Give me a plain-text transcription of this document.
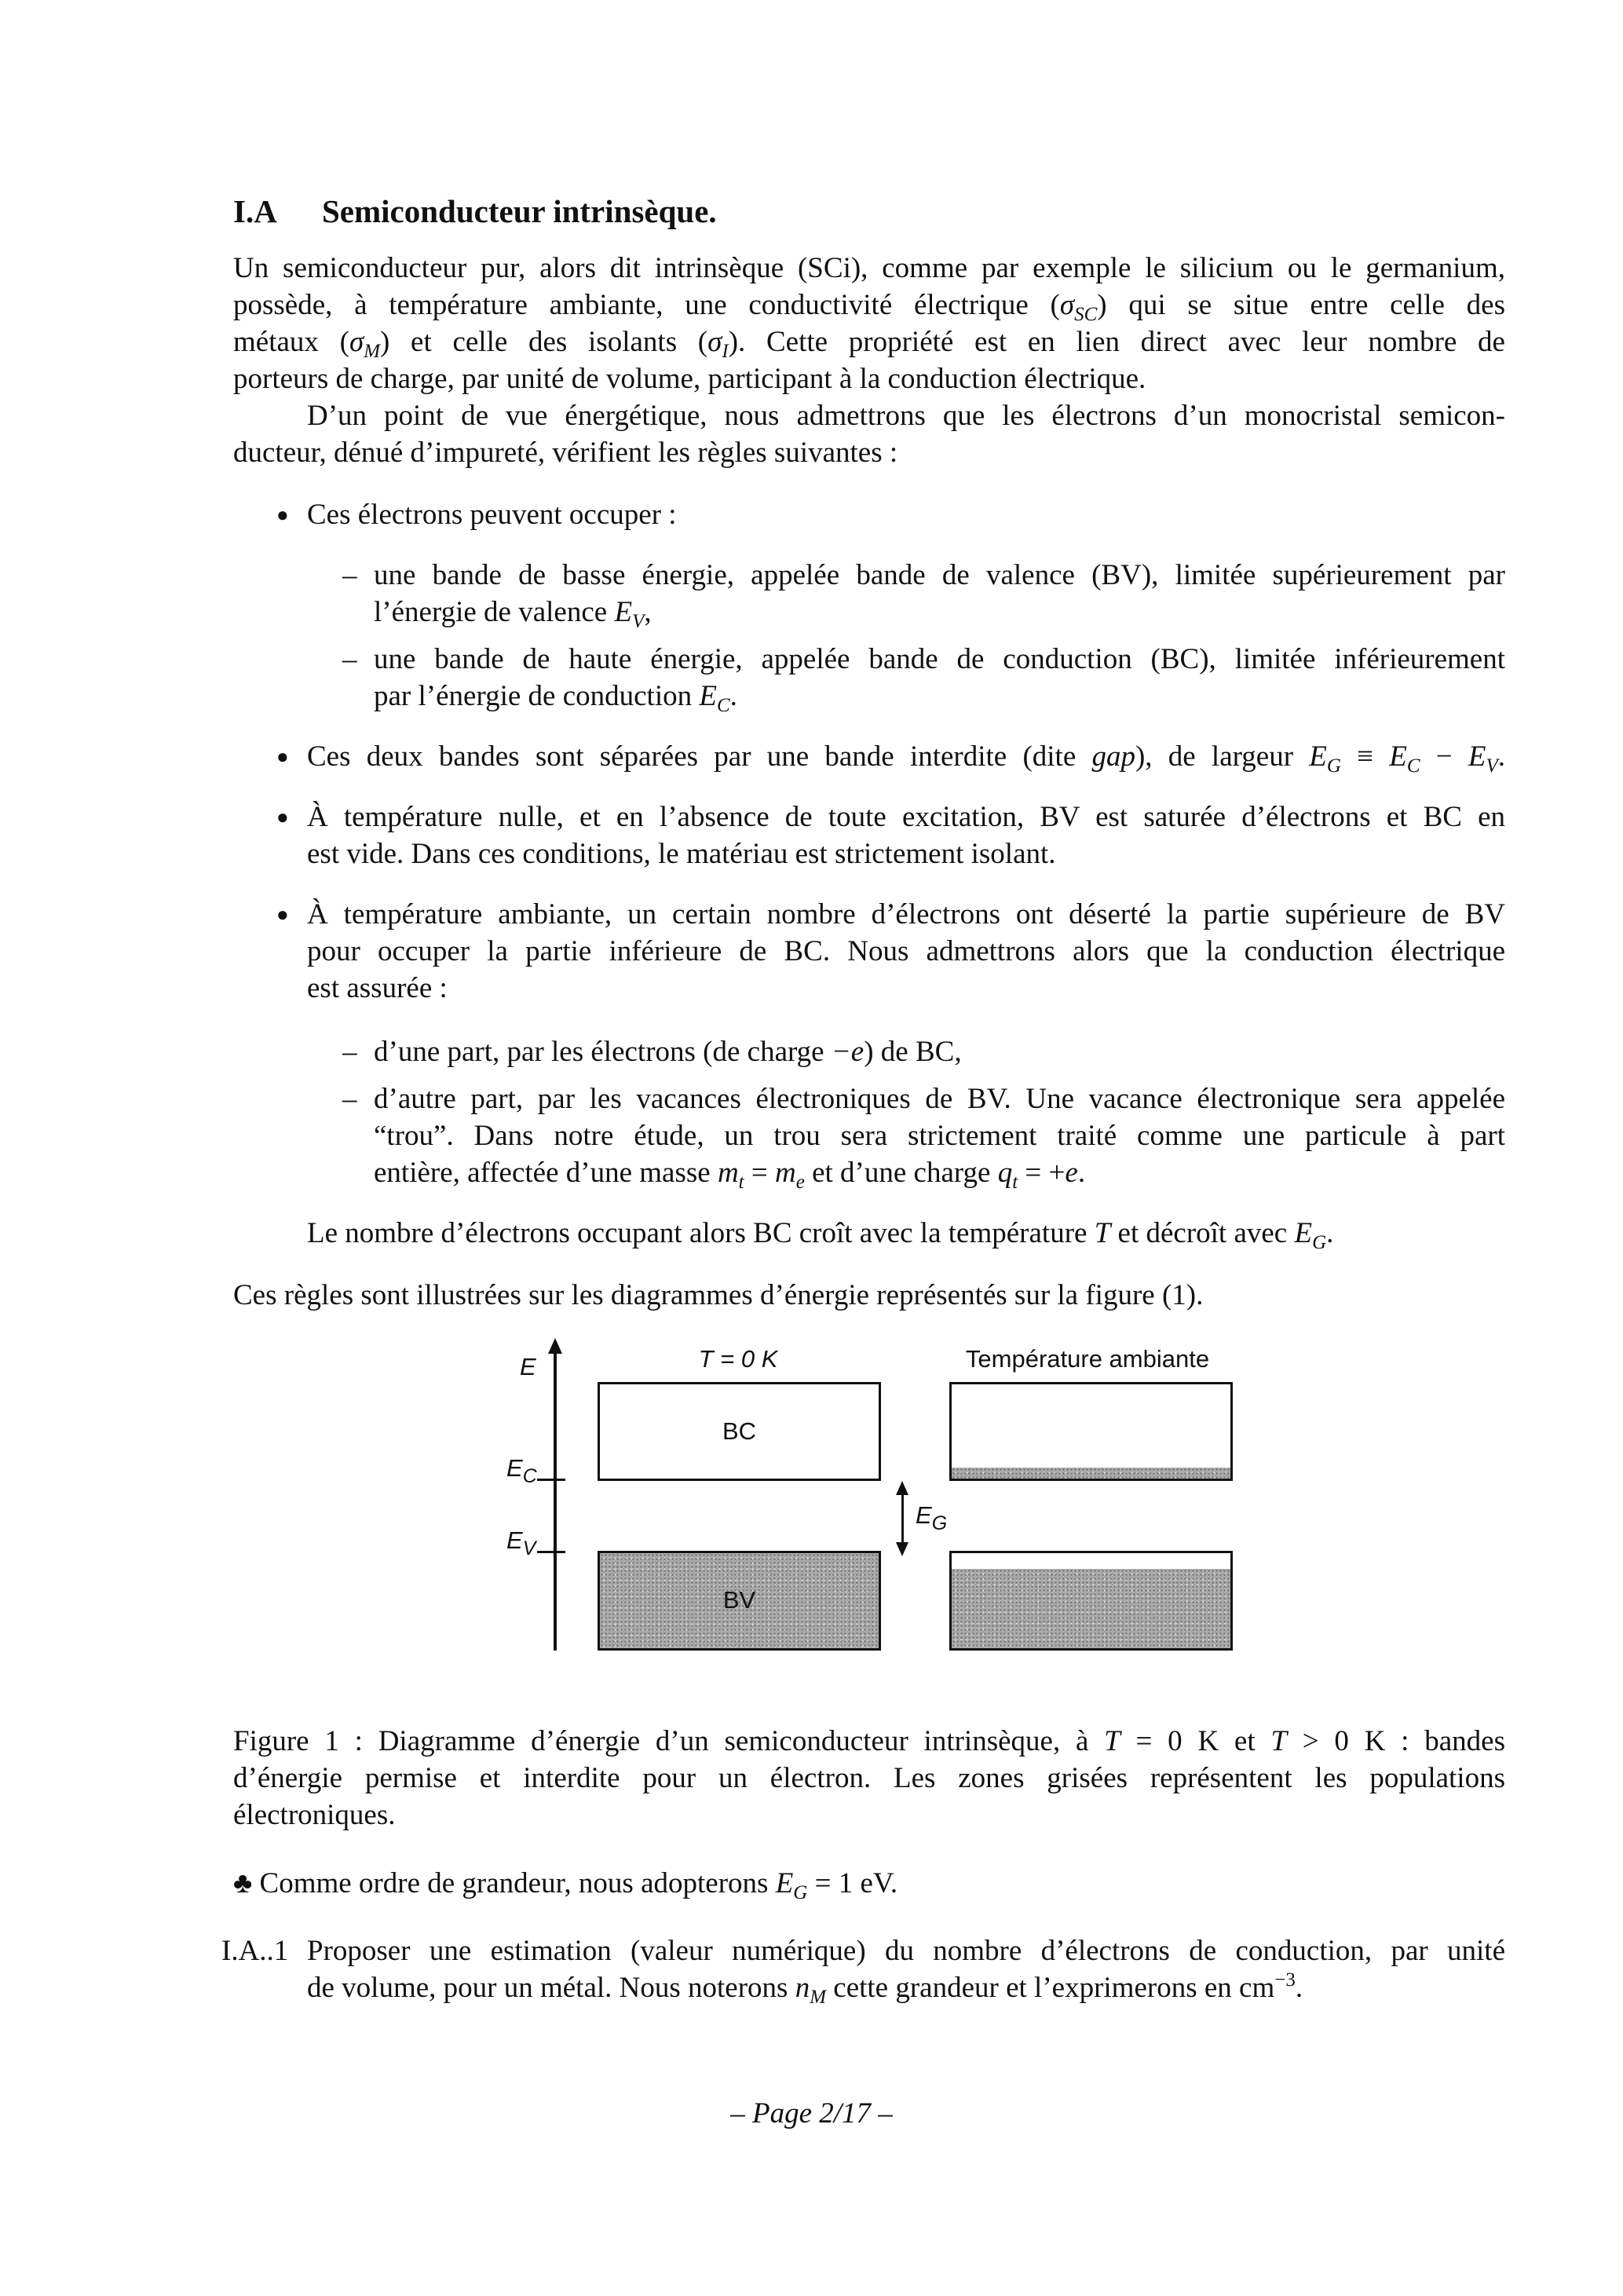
I.A Semiconducteur intrinsèque.
Un semiconducteur pur, alors dit intrinsèque (SCi), comme par exemple le silicium ou le germanium,
possède, à température ambiante, une conductivité électrique $(\sigma_{SC})$ qui se situe entre celle des
métaux $(\sigma_M)$ et celle des isolants $(\sigma_I)$. Cette propriété est en lien direct avec leur nombre de
porteurs de charge, par unité de volume, participant à la conduction électrique.
D’un point de vue énergétique, nous admettrons que les électrons d’un monocristal semicon-
ducteur, dénué d’impureté, vérifient les règles suivantes :
● Ces électrons peuvent occuper :
– une bande de basse énergie, appelée bande de valence (BV), limitée supérieurement par
l’énergie de valence $E_V$,
– une bande de haute énergie, appelée bande de conduction (BC), limitée inférieurement
par l’énergie de conduction $E_C$.
● Ces deux bandes sont séparées par une bande interdite (dite gap), de largeur $E_G \equiv E_C - E_V$.
● À température nulle, et en l’absence de toute excitation, BV est saturée d’électrons et BC en
est vide. Dans ces conditions, le matériau est strictement isolant.
● À température ambiante, un certain nombre d’électrons ont déserté la partie supérieure de BV
pour occuper la partie inférieure de BC. Nous admettrons alors que la conduction électrique
est assurée :
– d’une part, par les électrons (de charge −e) de BC,
– d’autre part, par les vacances électroniques de BV. Une vacance électronique sera appelée
“trou”. Dans notre étude, un trou sera strictement traité comme une particule à part
entière, affectée d’une masse $m_t = m_e$ et d’une charge $q_t = +e$.
Le nombre d’électrons occupant alors BC croît avec la température T et décroît avec $E_G$.
Ces règles sont illustrées sur les diagrammes d’énergie représentés sur la figure (1).
E
$E_C$
$E_V$
T = 0 K	Température ambiante
BC
BV
$E_G$
Figure 1 : Diagramme d’énergie d’un semiconducteur intrinsèque, à T = 0 K et T > 0 K : bandes
d’énergie permise et interdite pour un électron. Les zones grisées représentent les populations
électroniques.
♣ Comme ordre de grandeur, nous adopterons $E_G = 1$ eV.
I.A..1 Proposer une estimation (valeur numérique) du nombre d’électrons de conduction, par unité
de volume, pour un métal. Nous noterons $n_M$ cette grandeur et l’exprimerons en $cm^{-3}$.
– Page 2/17 –
